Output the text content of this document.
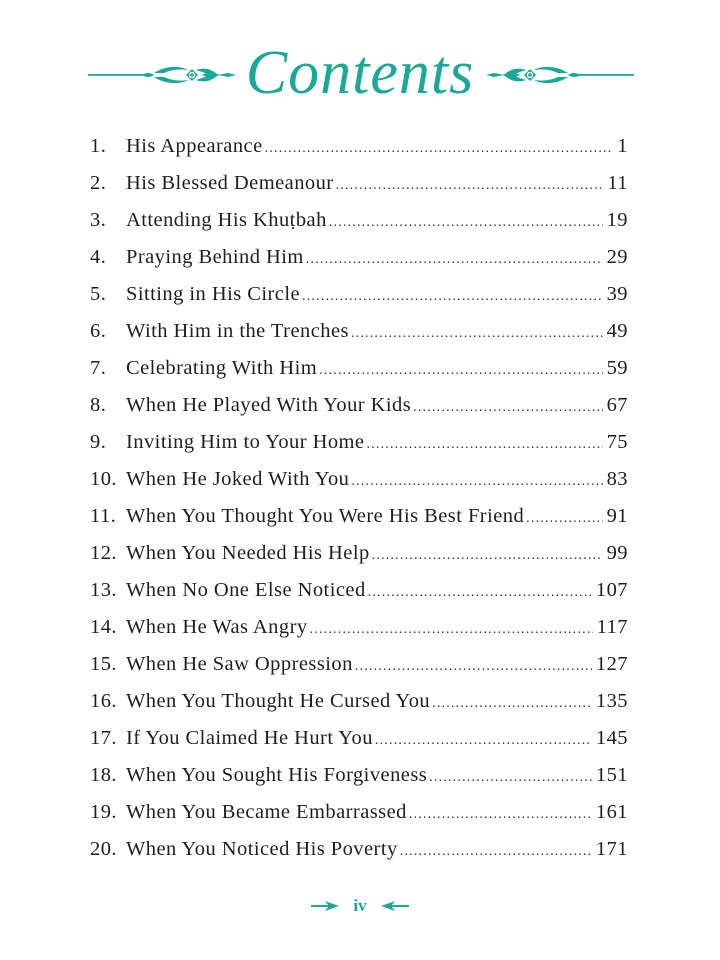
Contents
1. His Appearance .....	1
2. His Blessed Demeanour .....	11
3. Attending His Khuṭbah .....	19
4. Praying Behind Him .....	29
5. Sitting in His Circle .....	39
6. With Him in the Trenches .....	49
7. Celebrating With Him .....	59
8. When He Played With Your Kids .....	67
9. Inviting Him to Your Home .....	75
10. When He Joked With You .....	83
11. When You Thought You Were His Best Friend .....	91
12. When You Needed His Help .....	99
13. When No One Else Noticed .....	107
14. When He Was Angry .....	117
15. When He Saw Oppression .....	127
16. When You Thought He Cursed You .....	135
17. If You Claimed He Hurt You .....	145
18. When You Sought His Forgiveness .....	151
19. When You Became Embarrassed .....	161
20. When You Noticed His Poverty .....	171
iv
